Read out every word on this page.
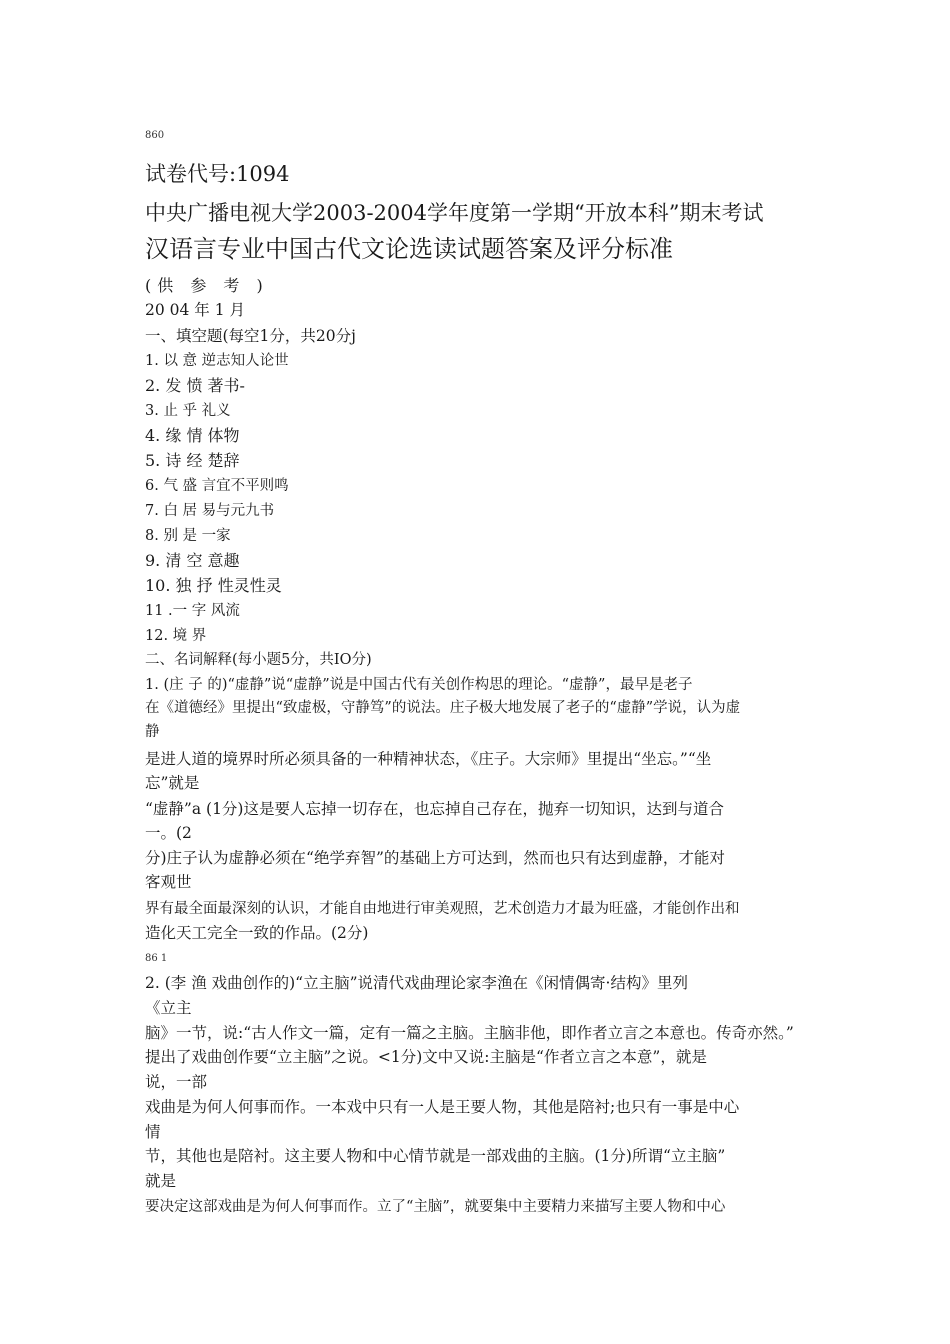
860
试卷代号:1094
中央广播电视大学2003-2004学年度第一学期“开放本科”期末考试
汉语言专业中国古代文论选读试题答案及评分标准
(供 参 考 )
20 04 年 1 月
一、填空题(每空1分，共20分j
1. 以 意 逆志知人论世
2. 发 愤 著书-
3. 止 乎 礼义
4. 缘 情 体物
5. 诗 经 楚辞
6. 气 盛 言宜不平则鸣
7. 白 居 易与元九书
8. 别 是 一家
9. 清 空 意趣
10. 独 抒 性灵性灵
11 .一 字 风流
12. 境 界
二、名词解释(每小题5分，共IO分)
1. (庄 子 的)“虚静”说“虚静”说是中国古代有关创作构思的理论。“虚静”，最早是老子
在《道德经》里提出“致虚极，守静笃”的说法。庄子极大地发展了老子的“虚静”学说，认为虚
静
是进人道的境界时所必须具备的一种精神状态，《庄子。大宗师》里提出“坐忘。”“坐
忘”就是
“虚静”a (1分)这是要人忘掉一切存在，也忘掉自己存在，抛弃一切知识，达到与道合
一。(2
分)庄子认为虚静必须在“绝学弃智”的基础上方可达到，然而也只有达到虚静，才能对
客观世
界有最全面最深刻的认识，才能自由地进行审美观照，艺术创造力才最为旺盛，才能创作出和
造化天工完全一致的作品。(2分)
86 1
2. (李 渔 戏曲创作的)“立主脑”说清代戏曲理论家李渔在《闲情偶寄·结构》里列
《立主
脑》一节，说:“古人作文一篇，定有一篇之主脑。主脑非他，即作者立言之本意也。传奇亦然。”
提出了戏曲创作要“立主脑”之说。<1分)文中又说:主脑是“作者立言之本意”，就是
说，一部
戏曲是为何人何事而作。一本戏中只有一人是王要人物，其他是陪衬;也只有一事是中心
情
节，其他也是陪衬。这主要人物和中心情节就是一部戏曲的主脑。(1分)所谓“立主脑”
就是
要决定这部戏曲是为何人何事而作。立了“主脑”，就要集中主要精力来描写主要人物和中心
